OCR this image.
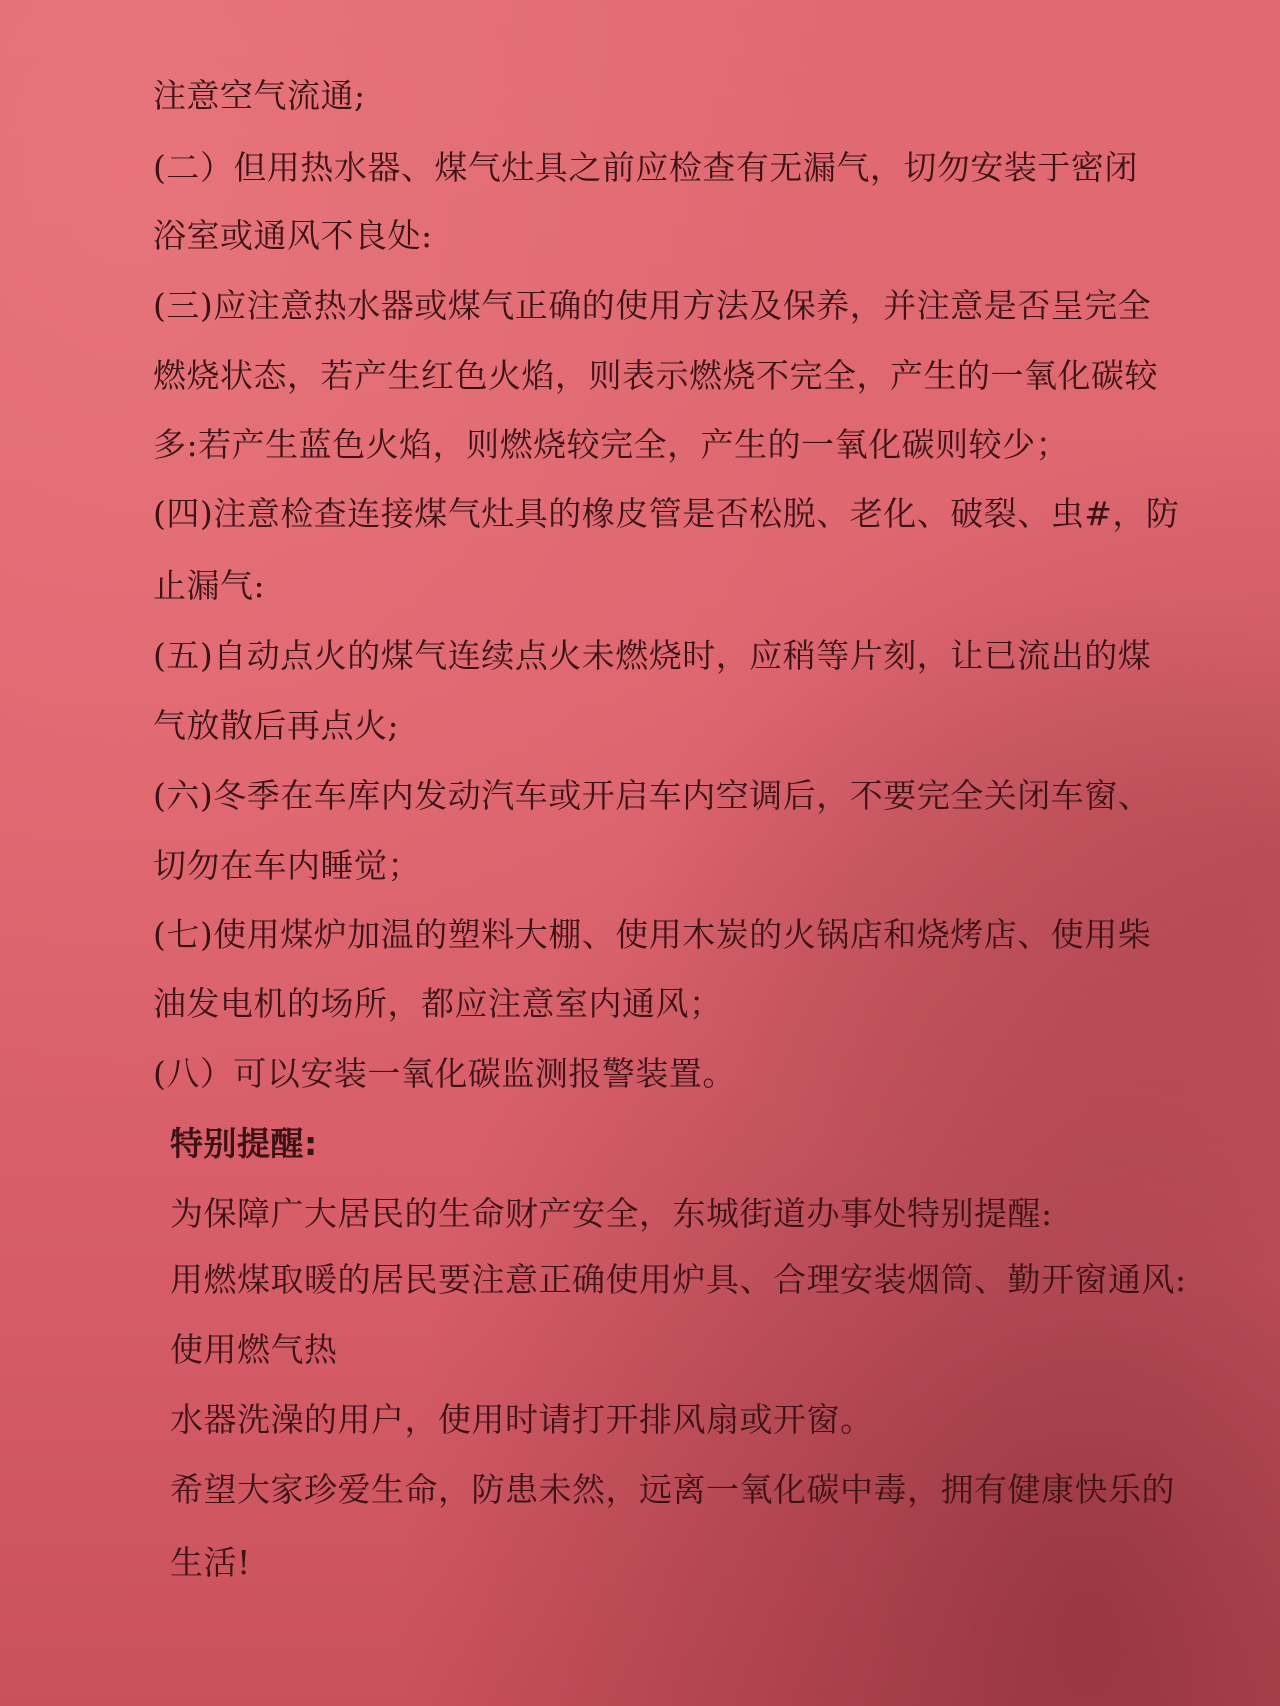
注意空气流通;

(二）但用热水器、煤气灶具之前应检查有无漏气，切勿安装于密闭

浴室或通风不良处:

(三)应注意热水器或煤气正确的使用方法及保养，并注意是否呈完全

燃烧状态，若产生红色火焰，则表示燃烧不完全，产生的一氧化碳较

多:若产生蓝色火焰，则燃烧较完全，产生的一氧化碳则较少；

(四)注意检查连接煤气灶具的橡皮管是否松脱、老化、破裂、虫#，防

止漏气:

(五)自动点火的煤气连续点火未燃烧时，应稍等片刻，让已流出的煤

气放散后再点火;

(六)冬季在车库内发动汽车或开启车内空调后，不要完全关闭车窗、

切勿在车内睡觉；

(七)使用煤炉加温的塑料大棚、使用木炭的火锅店和烧烤店、使用柴

油发电机的场所，都应注意室内通风；

(八）可以安装一氧化碳监测报警装置。

特别提醒:

为保障广大居民的生命财产安全，东城街道办事处特别提醒:

用燃煤取暖的居民要注意正确使用炉具、合理安装烟筒、勤开窗通风:

使用燃气热

水器洗澡的用户，使用时请打开排风扇或开窗。

希望大家珍爱生命，防患未然，远离一氧化碳中毒，拥有健康快乐的

生活!
